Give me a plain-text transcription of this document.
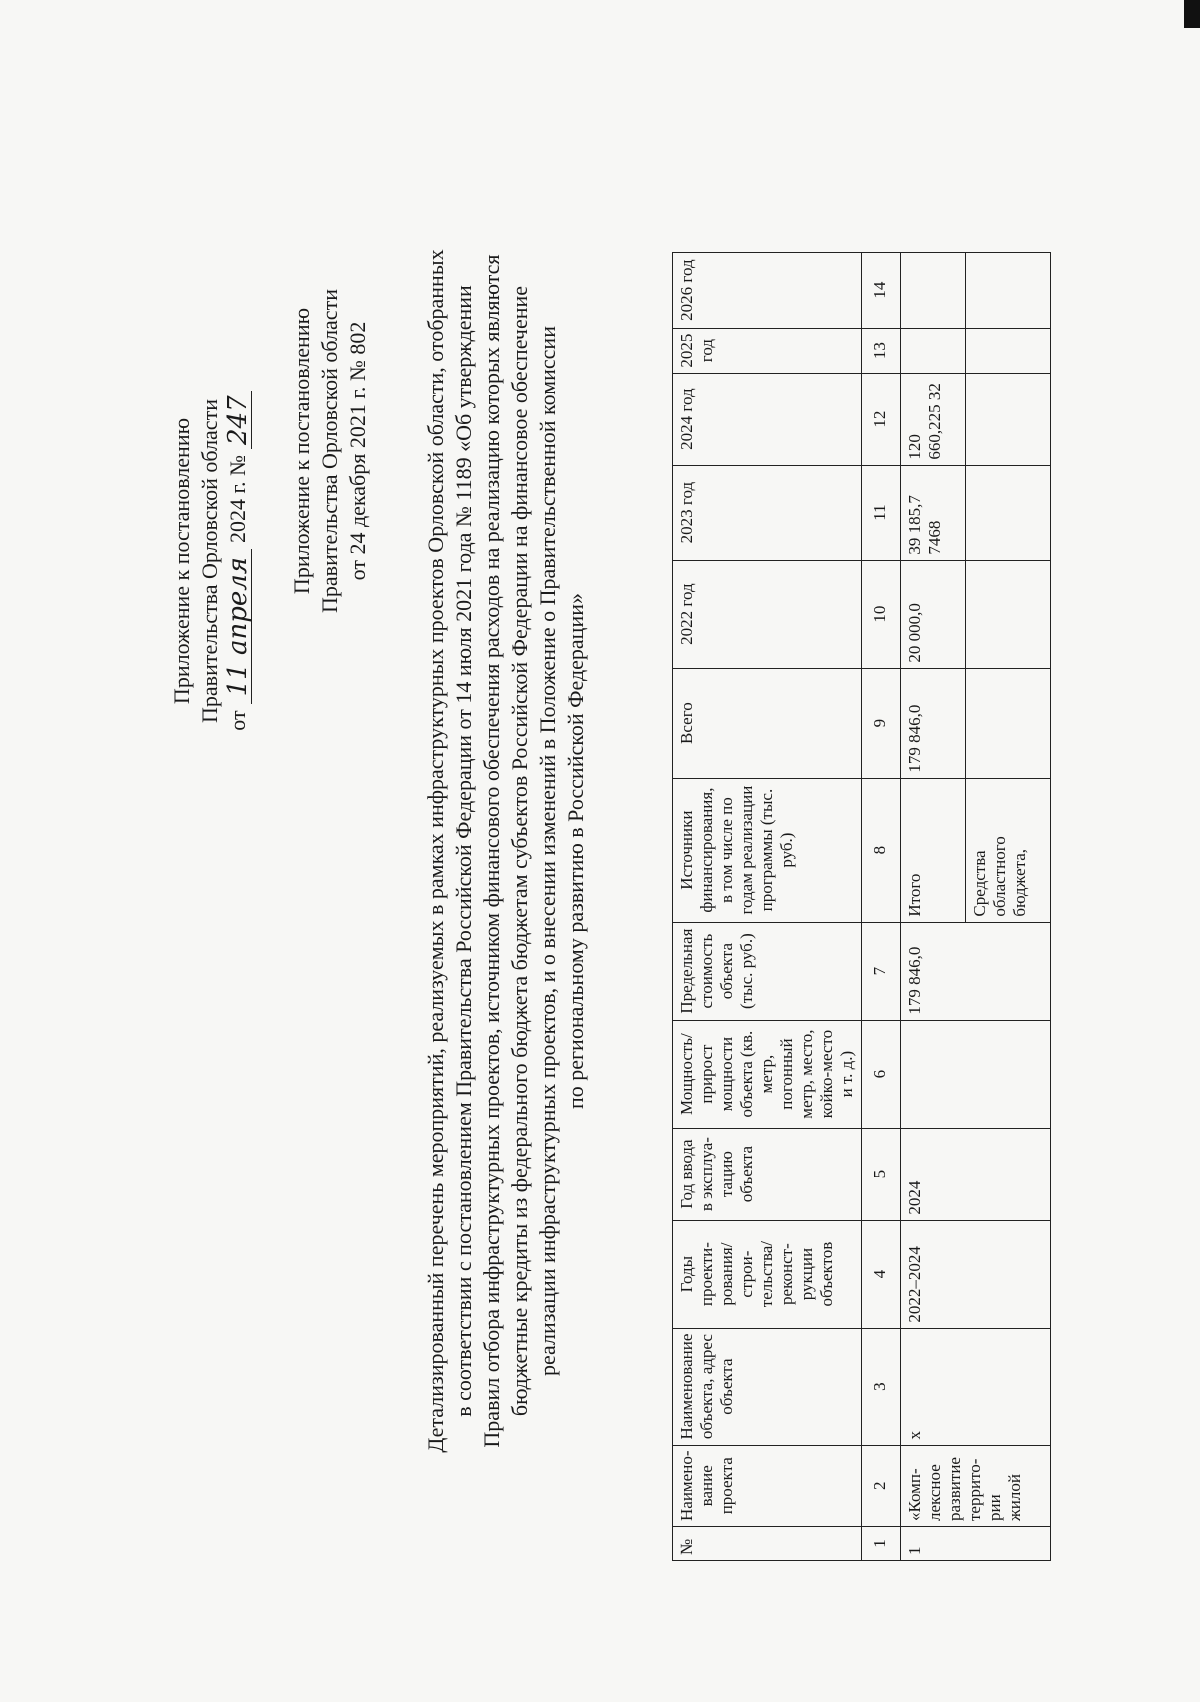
Приложение к постановлению Правительства Орловской области от
11 апреля
2024 г. №
247 Приложение к постановлению Правительства Орловской области от 24 декабря 2021 г. № 802 Детализированный перечень мероприятий, реализуемых в рамках инфраструктурных проектов Орловской области, отобранных в соответствии с постановлением Правительства Российской Федерации от 14 июля 2021 года № 1189 «Об утверждении Правил отбора инфраструктурных проектов, источником финансового обеспечения расходов на реализацию которых являются бюджетные кредиты из федерального бюджета бюджетам субъектов Российской Федерации на финансовое обеспечение реализации инфраструктурных проектов, и о внесении изменений в Положение о Правительственной комиссии по региональному развитию в Российской Федерации»
№	Наимено-вание проекта	Наименование объекта, адрес объекта	Годы проекти-рования/ строи-тельства/ реконст-рукции объектов	Год ввода в эксплуа-тацию объекта	Мощность/ прирост мощности объекта (кв. метр, погонный метр, место, койко-место и т. д.)	Предельная стоимость объекта (тыс. руб.)	Источники финансирования, в том числе по годам реализации программы (тыс. руб.)	Всего	2022 год	2023 год	2024 год	2025 год	2026 год
1	2	3	4	5	6	7	8	9	10	11	12	13	14
1	«Комп-лексное развитие террито-рии жилой	х	2022–2024	2024		179 846,0	Итого	179 846,0	20 000,0	39 185,7 7468	120 660,225 32		
							Средства областного бюджета,						
